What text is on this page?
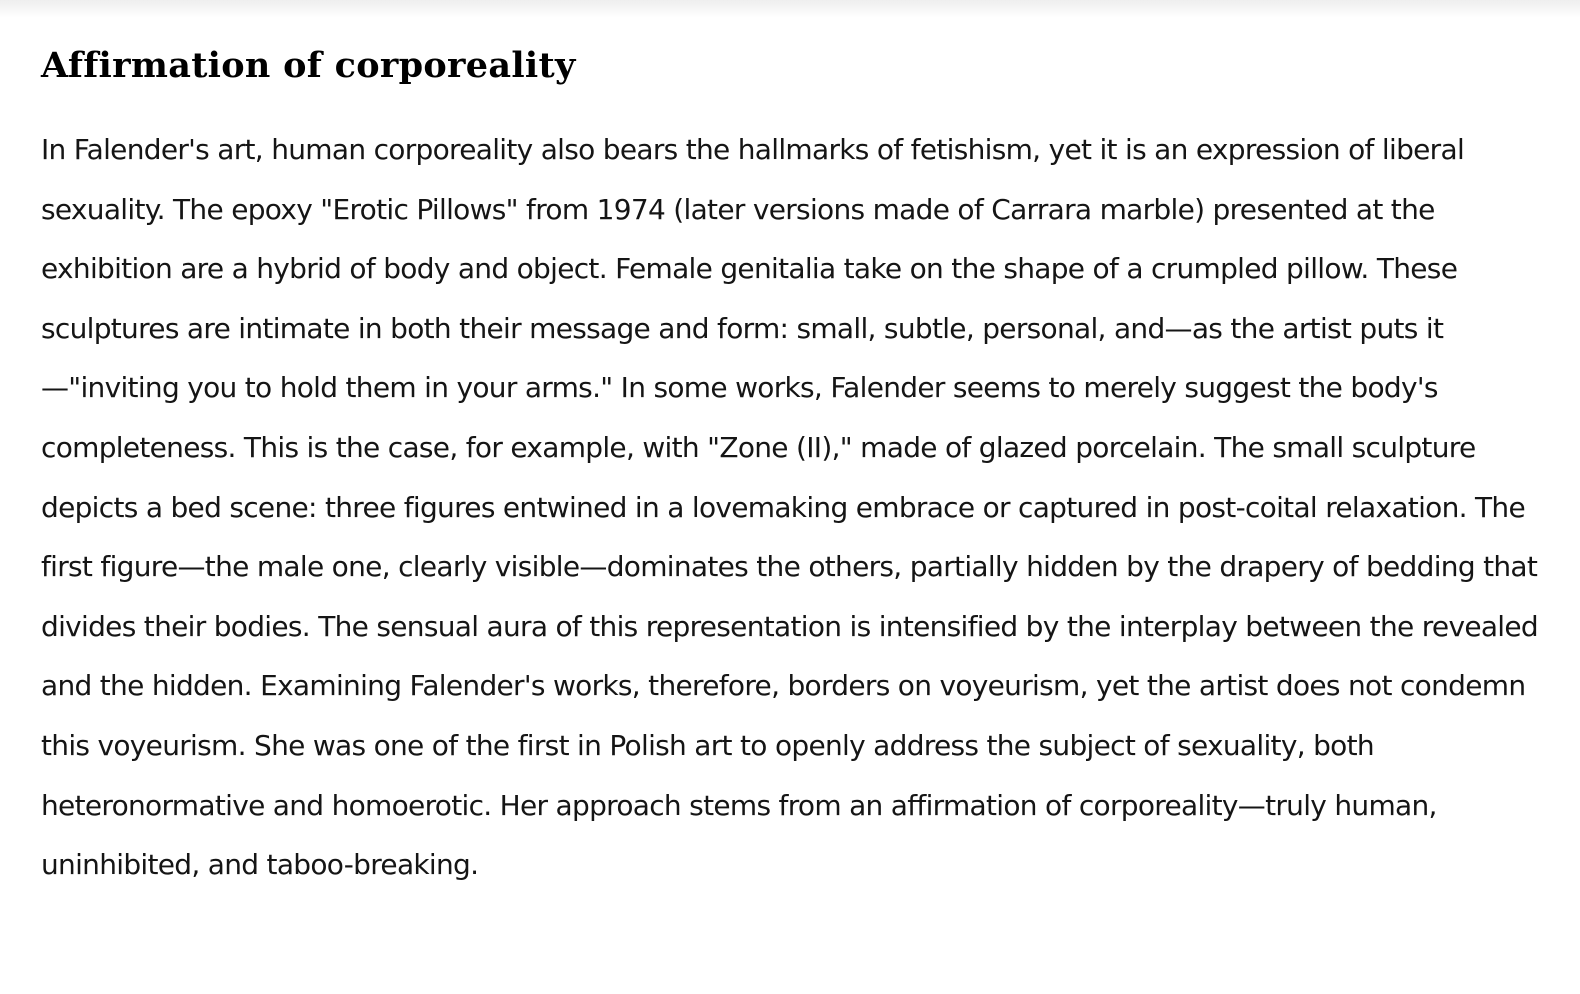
Affirmation of corporeality

In Falender's art, human corporeality also bears the hallmarks of fetishism, yet it is an expression of liberal sexuality. The epoxy "Erotic Pillows" from 1974 (later versions made of Carrara marble) presented at the exhibition are a hybrid of body and object. Female genitalia take on the shape of a crumpled pillow. These sculptures are intimate in both their message and form: small, subtle, personal, and—as the artist puts it—"inviting you to hold them in your arms." In some works, Falender seems to merely suggest the body's completeness. This is the case, for example, with "Zone (II)," made of glazed porcelain. The small sculpture depicts a bed scene: three figures entwined in a lovemaking embrace or captured in post-coital relaxation. The first figure—the male one, clearly visible—dominates the others, partially hidden by the drapery of bedding that divides their bodies. The sensual aura of this representation is intensified by the interplay between the revealed and the hidden. Examining Falender's works, therefore, borders on voyeurism, yet the artist does not condemn this voyeurism. She was one of the first in Polish art to openly address the subject of sexuality, both heteronormative and homoerotic. Her approach stems from an affirmation of corporeality—truly human, uninhibited, and taboo-breaking.
